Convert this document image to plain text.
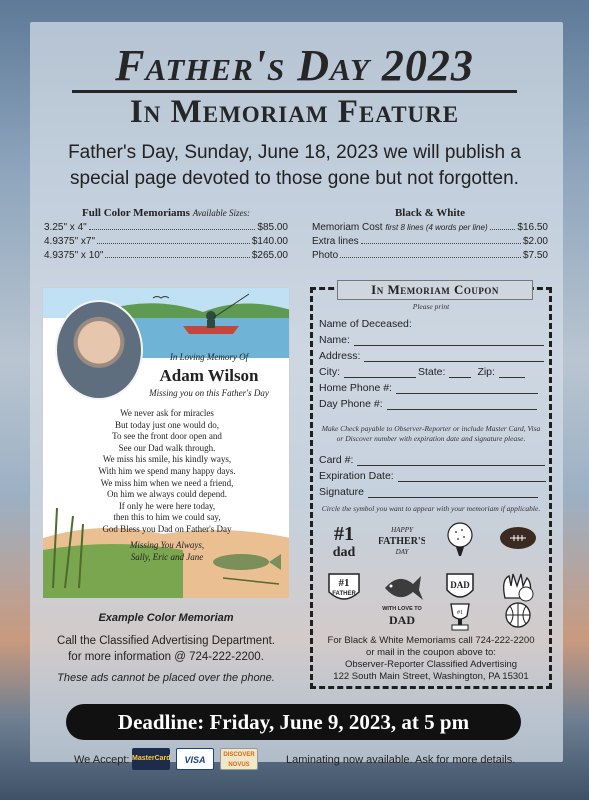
Father's Day 2023
In Memoriam Feature
Father's Day, Sunday, June 18, 2023 we will publish a special page devoted to those gone but not forgotten.
Full Color Memoriams Available Sizes:
3.25" x 4"	$85.00
4.9375" x7"	$140.00
4.9375" x 10"	$265.00
Black & White
Memoriam Cost first 8 lines (4 words per line)	$16.50
Extra lines	$2.00
Photo	$7.50
In Loving Memory Of
Adam Wilson
Missing you on this Father's Day
We never ask for miracles
But today just one would do,
To see the front door open and
See our Dad walk through.
We miss his smile, his kindly ways,
With him we spend many happy days.
We miss him when we need a friend,
On him we always could depend.
If only he were here today,
then this to him we could say,
God Bless you Dad on Father's Day
Missing You Always,
Sally, Eric and Jane
Example Color Memoriam
Call the Classified Advertising Department.
for more information @ 724-222-2200.
These ads cannot be placed over the phone.
In Memoriam Coupon
Please print
Name of Deceased:
Name:
Address:
City:	State:	Zip:
Home Phone #:
Day Phone #:
Make Check payable to Observer-Reporter or include Master Card, Visa
or Discover number with expiration date and signature please.
Card #:
Expiration Date:
Signature
Circle the symbol you want to appear with your memoriam if applicable.
#1
dad
HAPPY
FATHER'S
DAY
#1
FATHER
DAD
WITH LOVE TO
DAD	#1
For Black & White Memoriams call 724-222-2200
or mail in the coupon above to:
Observer-Reporter Classified Advertising
122 South Main Street, Washington, PA 15301
Deadline: Friday, June 9, 2023, at 5 pm
We Accept: MasterCard	VISA	DISCOVER NOVUS	Laminating now available. Ask for more details.
